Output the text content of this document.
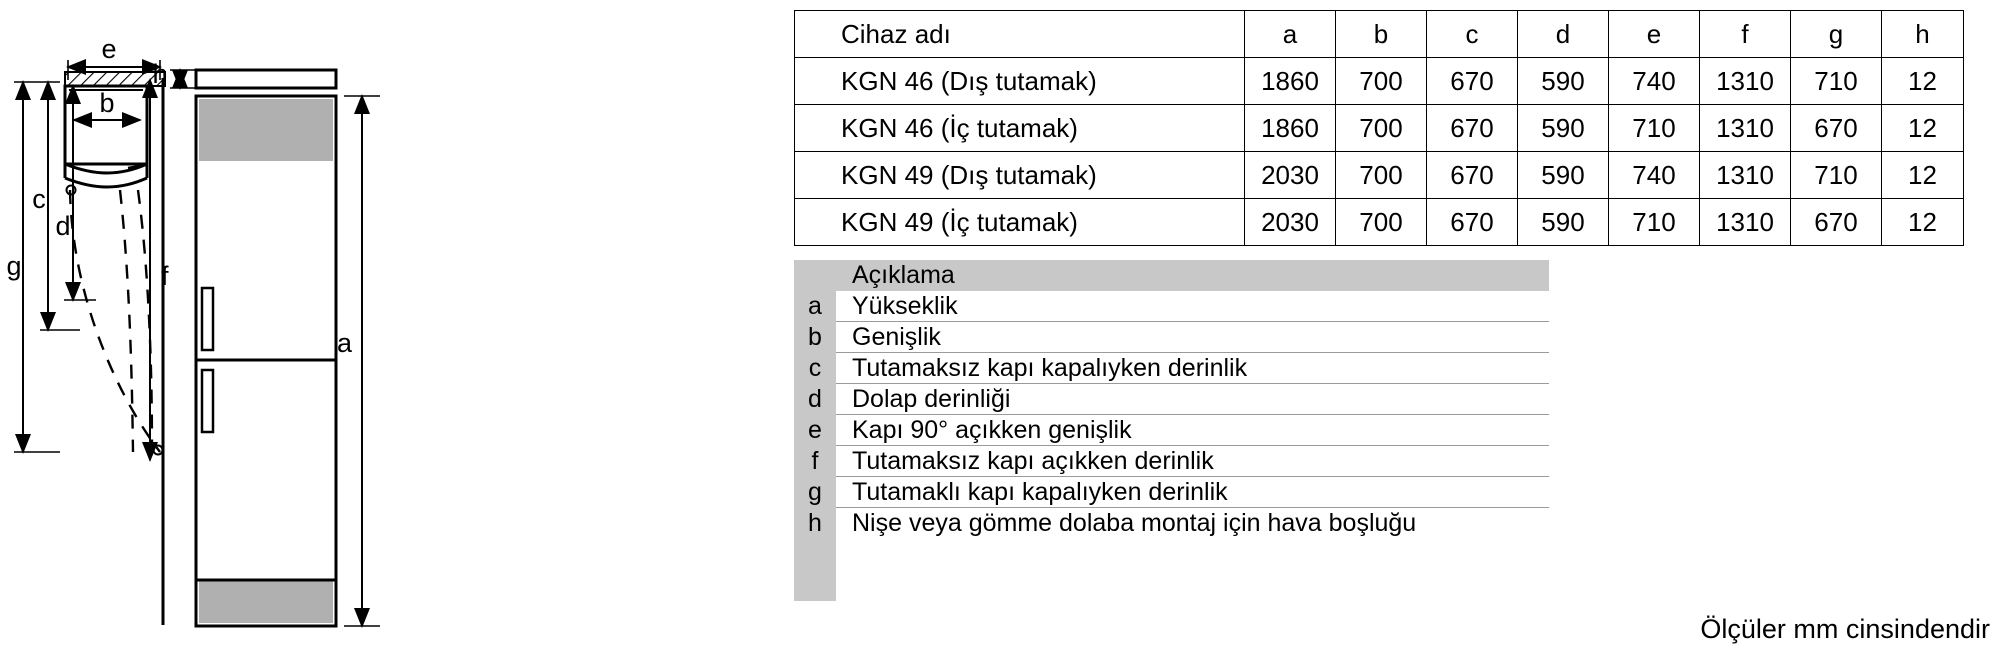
e
b
g
c
d
f
h
a
Cihaz adı	a	b	c	d	e	f	g	h
KGN 46 (Dış tutamak)	1860	700	670	590	740	1310	710	12
KGN 46 (İç tutamak)	1860	700	670	590	710	1310	670	12
KGN 49 (Dış tutamak)	2030	700	670	590	740	1310	710	12
KGN 49 (İç tutamak)	2030	700	670	590	710	1310	670	12
Açıklama
a	Yükseklik
b	Genişlik
c	Tutamaksız kapı kapalıyken derinlik
d	Dolap derinliği
e	Kapı 90° açıkken genişlik
f	Tutamaksız kapı açıkken derinlik
g	Tutamaklı kapı kapalıyken derinlik
h	Nişe veya gömme dolaba montaj için hava boşluğu
Ölçüler mm cinsindendir
